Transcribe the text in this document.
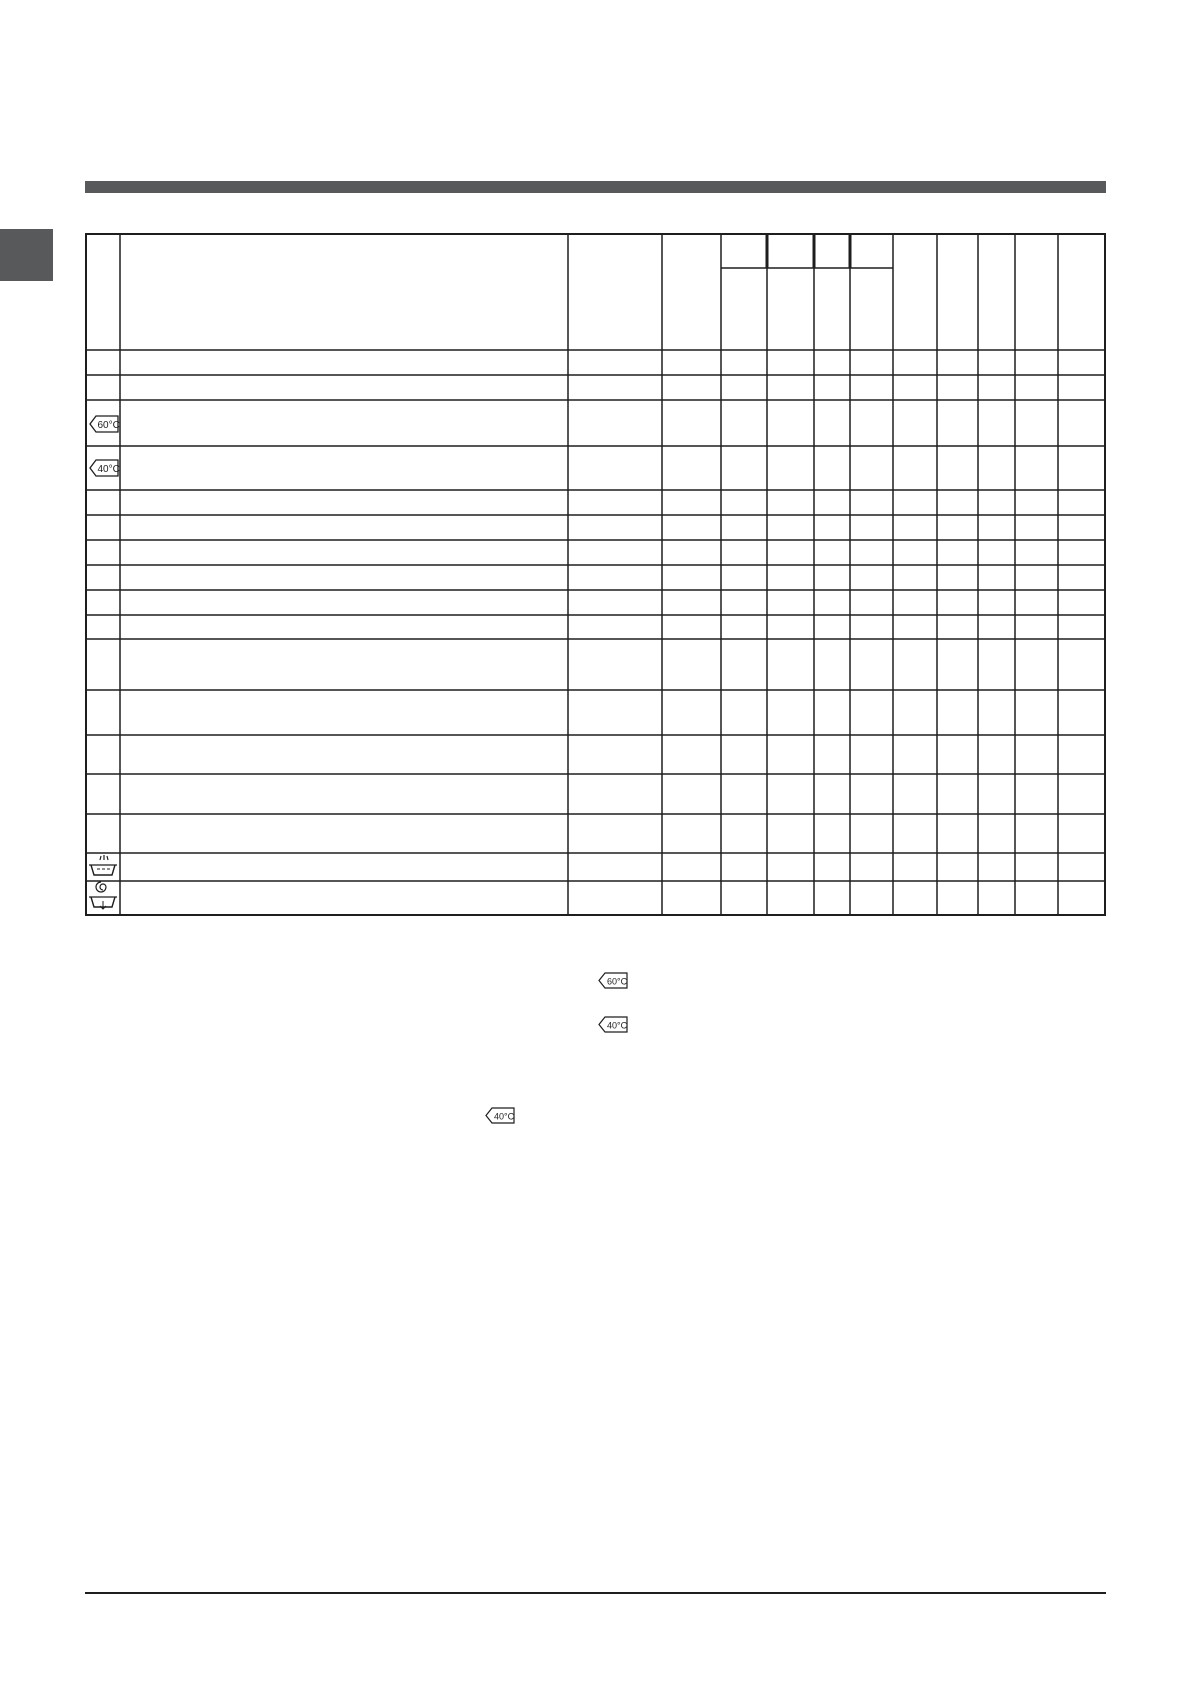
60°C
40°C
60°C
40°C
40°C
